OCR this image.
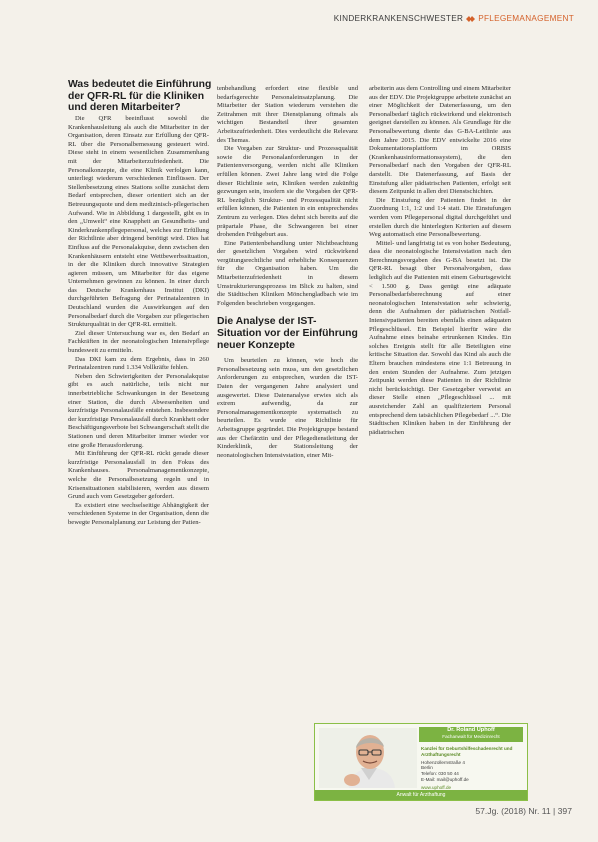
KINDERKRANKENSCHWESTER PFLEGEMANAGEMENT
Was bedeutet die Einführung der QFR-RL für die Kliniken und deren Mitarbeiter?

Die QFR beeinflusst sowohl die Krankenhausleitung als auch die Mitarbeiter in der Organisation, deren Einsatz zur Erfüllung der QFR-RL über die Personalbemessung gesteuert wird. Diese steht in einem wesentlichen Zusammenhang mit der Mitarbeiterzufriedenheit. Die Personalkonzepte, die eine Klinik verfolgen kann, unterliegt wiederum verschiedenen Einflüssen. Der Stellenbesetzung eines Stations sollte zunächst dem Bedarf entsprechen, dieser orientiert sich an der Betreuungsquote und dem medizinisch-pflegerischen Aufwand. Wie in Abbildung 1 dargestellt, gibt es in den „Umwelt“ eine Knappheit an Gesundheits- und Kinderkrankenpflegepersonal, welches zur Erfüllung der Richtlinie aber dringend benötigt wird. Dies hat Einfluss auf die Personalakquise, denn zwischen den Krankenhäusern entsteht eine Wettbewerbssituation, in der die Kliniken durch innovative Strategien agieren müssen, um Mitarbeiter für das eigene Unternehmen gewinnen zu können. In einer durch das Deutsche Krankenhaus Institut (DKI) durchgeführten Befragung der Perinatalzentren in Deutschland wurden die Auswirkungen auf den Personalbedarf durch die Vorgaben zur pflegerischen Strukturqualität in der QFR-RL ermittelt.

Ziel dieser Untersuchung war es, den Bedarf an Fachkräften in der neonatologischen Intensivpflege bundesweit zu ermitteln.

Das DKI kam zu dem Ergebnis, dass in 260 Perinatalzentren rund 1.334 Vollkräfte fehlen.

Neben den Schwierigkeiten der Personalakquise gibt es auch natürliche, teils nicht nur innerbetriebliche Schwankungen in der Besetzung einer Station, die durch Abwesenheiten und kurzfristige Personalausfälle entstehen. Insbesondere der kurzfristige Personalausfall durch Krankheit oder Beschäftigungsverbote bei Schwangerschaft stellt die Stationen und deren Mitarbeiter immer wieder vor eine große Herausforderung.

Mit Einführung der QFR-RL rückt gerade dieser kurzfristige Personalausfall in den Fokus des Krankenhauses. Personalmanagementkonzepte, welche die Personalbesetzung regeln und in Krisensituationen stabilisieren, werden aus diesem Grund auch vom Gesetzgeber gefordert.

Es existiert eine wechselseitige Abhängigkeit der verschiedenen Systeme in der Organisation, denn die bewegte Personalplanung zur Leistung der Patien-

tenbehandlung erfordert eine flexible und bedarfsgerechte Personaleinsatzplanung. Die Mitarbeiter der Station wiederum verstehen die Zeitrahmen mit ihrer Dienstplanung oftmals als wichtigen Bestandteil ihrer gesamten Arbeitszufriedenheit. Dies verdeutlicht die Relevanz des Themas.

Die Vorgaben zur Struktur- und Prozessqualität sowie die Personalanforderungen in der Patientenversorgung, werden nicht alle Kliniken erfüllen können. Zwei Jahre lang wird die Folge dieser Richtlinie sein, Kliniken werden zukünftig gezwungen sein, insofern sie die Vorgaben der QFR-RL bezüglich Struktur- und Prozessqualität nicht erfüllen können, die Patienten in ein entsprechendes Zentrum zu verlegen. Dies dehnt sich bereits auf die präpartale Phase, die Schwangeren bei einer drohenden Frühgeburt aus.

Eine Patientenbehandlung unter Nichtbeachtung der gesetzlichen Vorgaben wird rückwirkend vergütungsrechtliche und erhebliche Konsequenzen für die Organisation haben. Um die Mitarbeiterzufriedenheit in diesem Umstrukturierungsprozess im Blick zu halten, sind die Städtischen Kliniken Mönchengladbach wie im Folgenden beschrieben vorgegangen.

Die Analyse der IST-Situation vor der Einführung neuer Konzepte

Um beurteilen zu können, wie hoch die Personalbesetzung sein muss, um den gesetzlichen Anforderungen zu entsprechen, wurden die IST-Daten der vergangenen Jahre analysiert und ausgewertet. Diese Datenanalyse erwies sich als extrem aufwendig, da zur Personalmanagementkonzepte systematisch zu beurteilen. Es wurde eine Richtlinie für Arbeitsgruppe gegründet. Die Projektgruppe bestand aus der Chefärztin und der Pflegedienstleitung der Kinderklinik, der Stationsleitung der neonatologischen Intensivstation, einer Mit-

arbeiterin aus dem Controlling und einem Mitarbeiter aus der EDV. Die Projektgruppe arbeitete zunächst an einer Möglichkeit der Datenerfassung, um den Personalbedarf täglich rückwirkend und elektronisch geeignet darstellen zu können. Als Grundlage für die Personalbewertung diente das G-BA-Leitlinie aus dem Jahre 2015. Die EDV entwickelte 2016 eine Dokumentationsplattform im ORBIS (Krankenhausinformationssystem), die den Personalbedarf nach den Vorgaben der QFR-RL darstellt. Die Datenerfassung, auf Basis der Einstufung aller pädiatrischen Patienten, erfolgt seit diesem Zeitpunkt in allen drei Dienstschichten.

Die Einstufung der Patienten findet in der Zuordnung 1:1, 1:2 und 1:4 statt. Die Einstufungen werden vom Pflegepersonal digital durchgeführt und erstellen durch die hinterlegten Kriterien auf diesem Weg automatisch eine Personalbewertung.

Mittel- und langfristig ist es von hoher Bedeutung, dass die neonatologische Intensivstation nach den Berechnungsvorgaben des G-BA besetzt ist. Die QFR-RL besagt über Personalvorgaben, dass lediglich auf die Patienten mit einem Geburtsgewicht < 1.500 g. Dass genügt eine adäquate Personalbedarfsberechnung auf einer neonatologischen Intensivstation sehr schwierig, denn die Aufnahmen der pädiatrischen Notfall-Intensivpatienten bereiten ebenfalls einen adäquaten Pflegeschlüssel. Ein Beispiel hierfür wäre die Aufnahme eines beinahe ertrunkenen Kindes. Ein solches Ereignis stellt für alle Beteiligten eine kritische Situation dar. Sowohl das Kind als auch die Eltern brauchen mindestens eine 1:1 Betreuung in den ersten Stunden der Aufnahme. Zum jetzigen Zeitpunkt werden diese Patienten in der Richtlinie nicht berücksichtigt. Der Gesetzgeber verweist an dieser Stelle einen „Pflegeschlüssel ... mit ausreichender Zahl an qualifiziertem Personal entsprechend dem tatsächlichen Pflegebedarf ...“. Die Städtischen Kliniken haben in der Einführung der pädiatrischen

Dr. Roland Uphoff
Fachanwalt für Medizinrecht
Kanzlei für Geburtshilfeschadenrecht und Arzthaftungsrecht
Hohenzollernstraße 4
Berlin
Telefon: 030 50 44
E-Mail: mail@uphoff.de
www.uphoff.de
Anwalt für Arzthaftung
57.Jg. (2018) Nr. 11 | 397
